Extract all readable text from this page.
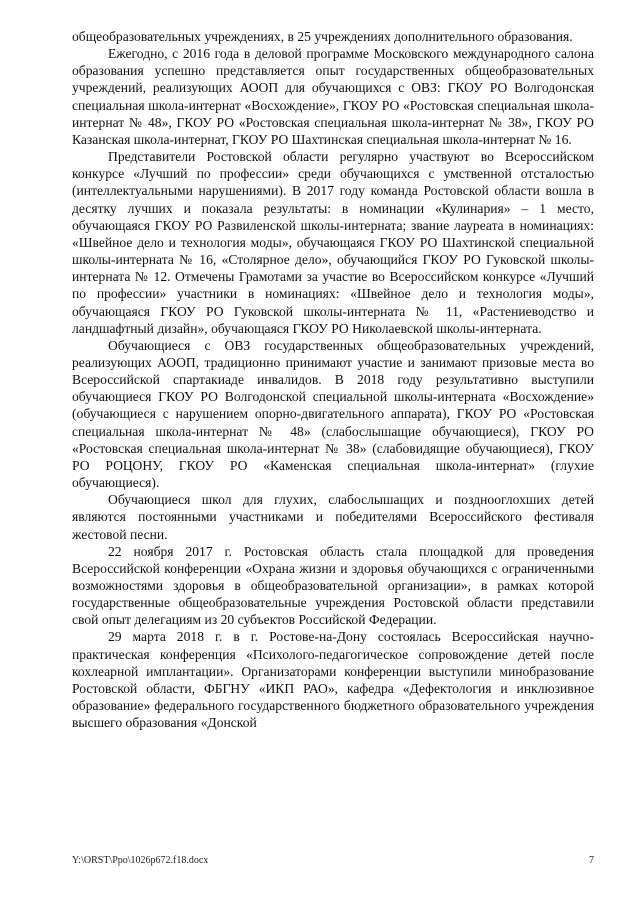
общеобразовательных учреждениях, в 25 учреждениях дополнительного образования.

Ежегодно, с 2016 года в деловой программе Московского международного салона образования успешно представляется опыт государственных общеобразовательных учреждений, реализующих АООП для обучающихся с ОВЗ: ГКОУ РО Волгодонская специальная школа-интернат «Восхождение», ГКОУ РО «Ростовская специальная школа-интернат № 48», ГКОУ РО «Ростовская специальная школа-интернат № 38», ГКОУ РО Казанская школа-интернат, ГКОУ РО Шахтинская специальная школа-интернат № 16.

Представители Ростовской области регулярно участвуют во Всероссийском конкурсе «Лучший по профессии» среди обучающихся с умственной отсталостью (интеллектуальными нарушениями). В 2017 году команда Ростовской области вошла в десятку лучших и показала результаты: в номинации «Кулинария» – 1 место, обучающаяся ГКОУ РО Развиленской школы-интерната; звание лауреата в номинациях: «Швейное дело и технология моды», обучающаяся ГКОУ РО Шахтинской специальной школы-интерната № 16, «Столярное дело», обучающийся ГКОУ РО Гуковской школы-интерната № 12. Отмечены Грамотами за участие во Всероссийском конкурсе «Лучший по профессии» участники в номинациях: «Швейное дело и технология моды», обучающаяся ГКОУ РО Гуковской школы-интерната № 11, «Растениеводство и ландшафтный дизайн», обучающаяся ГКОУ РО Николаевской школы-интерната.

Обучающиеся с ОВЗ государственных общеобразовательных учреждений, реализующих АООП, традиционно принимают участие и занимают призовые места во Всероссийской спартакиаде инвалидов. В 2018 году результативно выступили обучающиеся ГКОУ РО Волгодонской специальной школы-интерната «Восхождение» (обучающиеся с нарушением опорно-двигательного аппарата), ГКОУ РО «Ростовская специальная школа-интернат № 48» (слабослышащие обучающиеся), ГКОУ РО «Ростовская специальная школа-интернат № 38» (слабовидящие обучающиеся), ГКОУ РО РОЦОНУ, ГКОУ РО «Каменская специальная школа-интернат» (глухие обучающиеся).

Обучающиеся школ для глухих, слабослышащих и позднооглохших детей являются постоянными участниками и победителями Всероссийского фестиваля жестовой песни.

22 ноября 2017 г. Ростовская область стала площадкой для проведения Всероссийской конференции «Охрана жизни и здоровья обучающихся с ограниченными возможностями здоровья в общеобразовательной организации», в рамках которой государственные общеобразовательные учреждения Ростовской области представили свой опыт делегациям из 20 субъектов Российской Федерации.

29 марта 2018 г. в г. Ростове-на-Дону состоялась Всероссийская научно-практическая конференция «Психолого-педагогическое сопровождение детей после кохлеарной имплантации». Организаторами конференции выступили минобразование Ростовской области, ФБГНУ «ИКП РАО», кафедра «Дефектология и инклюзивное образование» федерального государственного бюджетного образовательного учреждения высшего образования «Донской

Y:\ORST\Ppo\1026p672.f18.docx	7
